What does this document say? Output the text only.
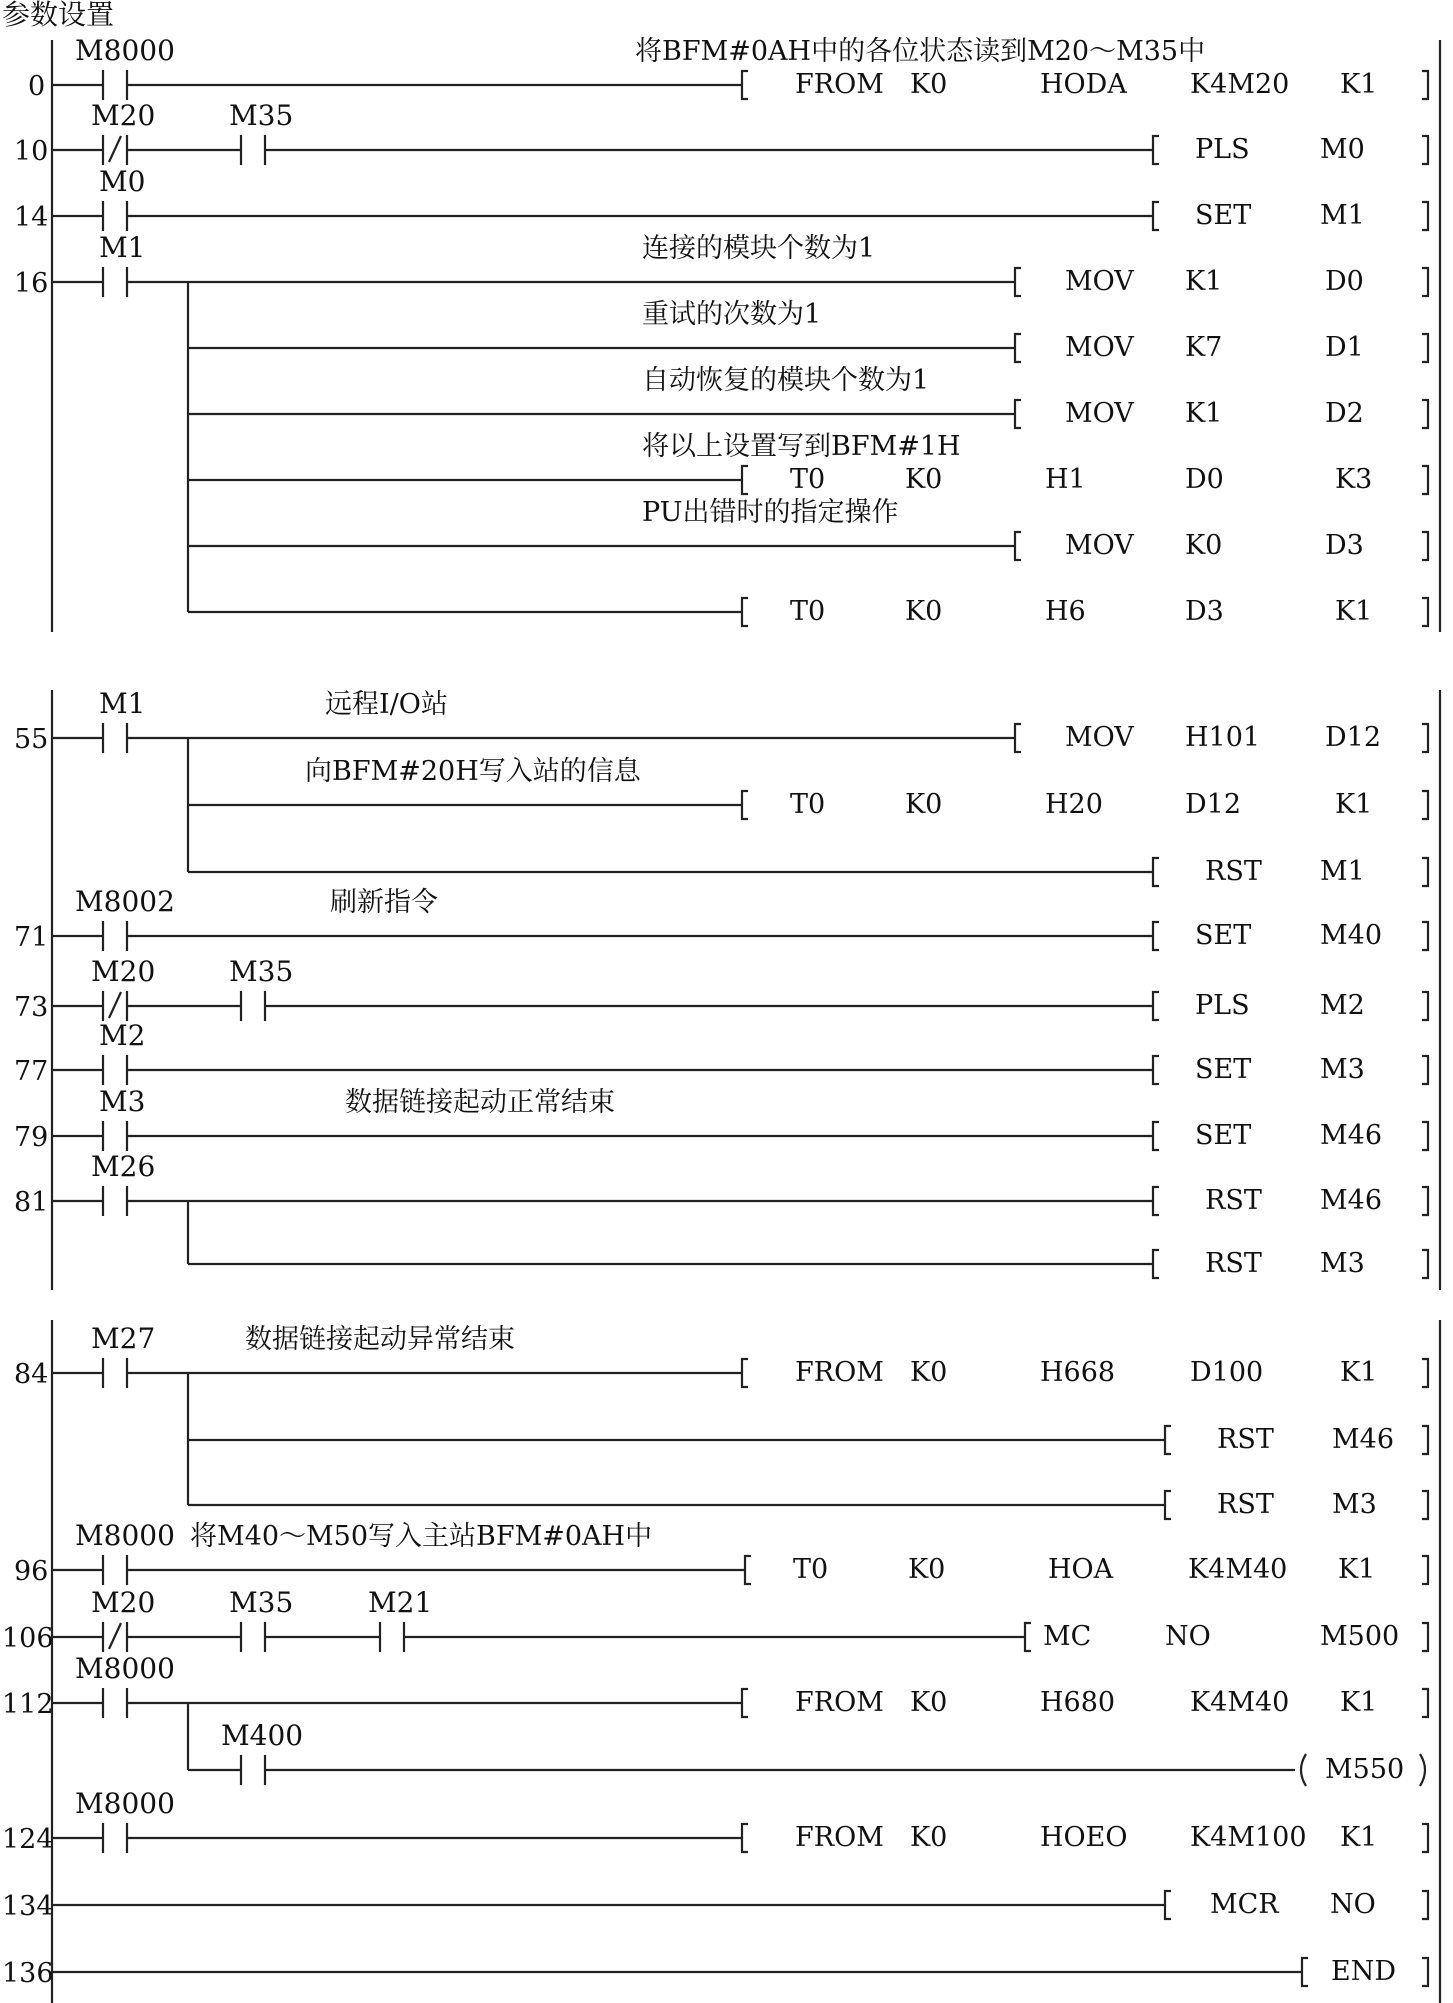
参数设置
0
M8000
FROM K0	HODA K4M20 K1
将BFM#0AH中的各位状态读到M20～M35中
10
M20	M35
PLS	M0
14
M0
SET	M1
16
M1
MOV K1	D0
连接的模块个数为1
MOV K7	D1
重试的次数为1
MOV K1	D2
自动恢复的模块个数为1
T0	K0	H1	D0	K3
将以上设置写到BFM#1H
MOV K0	D3
PU出错时的指定操作
T0	K0	H6	D3	K1
55
M1
MOV H101 D12
远程I/O站
T0	K0	H20	D12	K1
向BFM#20H写入站的信息
RST M1
71
M8002
SET	M40
刷新指令
73
M20	M35
PLS	M2
77
M2
SET	M3
79
M3
SET	M46
数据链接起动正常结束
81
M26
RST M46
RST M3
84
M27
FROM K0	H668	D100	K1
数据链接起动异常结束
RST M46
RST M3
96
M8000
T0	K0	HOA	K4M40 K1
将M40～M50写入主站BFM#0AH中
106
M20	M35	M21
MC	NO	M500
112
M8000
FROM K0	H680	K4M40 K1
M400
M550
124
M8000
FROM K0	HOEO K4M100 K1
134	MCR NO
136	END
